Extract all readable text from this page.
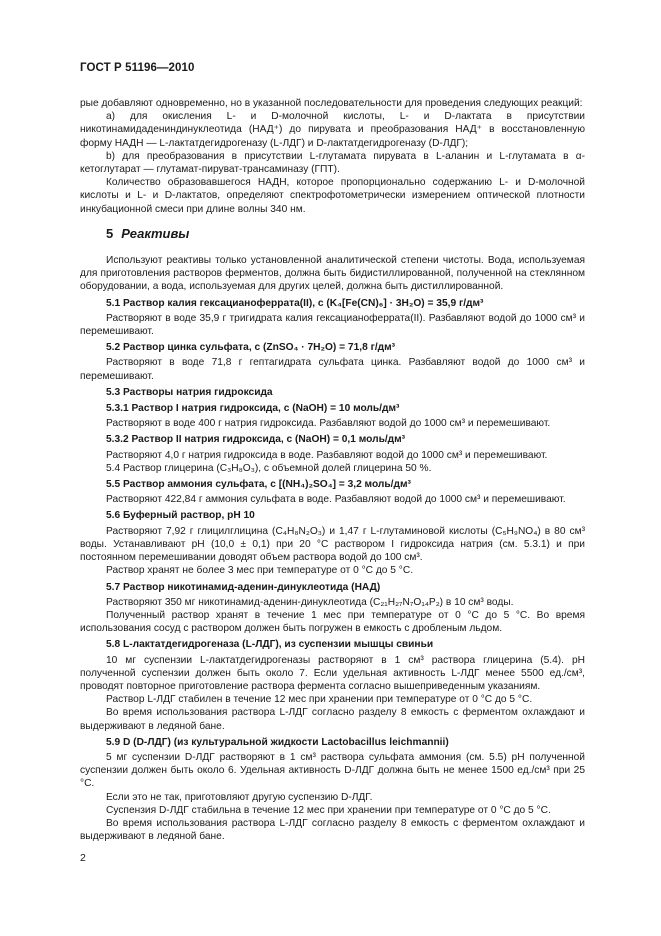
ГОСТ Р 51196—2010

рые добавляют одновременно, но в указанной последовательности для проведения следующих реакций:

a) для окисления L- и D-молочной кислоты, L- и D-лактата в присутствии никотинамидадениндинуклеотида (НАД⁺) до пирувата и преобразования НАД⁺ в восстановленную форму НАДН — L-лактатдегидрогеназу (L-ЛДГ) и D-лактатдегидрогеназу (D-ЛДГ);

b) для преобразования в присутствии L-глутамата пирувата в L-аланин и L-глутамата в α-кетоглутарат — глутамат-пируват-трансаминазу (ГПТ).

Количество образовавшегося НАДН, которое пропорционально содержанию L- и D-молочной кислоты и L- и D-лактатов, определяют спектрофотометрически измерением оптической плотности инкубационной смеси при длине волны 340 нм.

5 Реактивы

Используют реактивы только установленной аналитической степени чистоты. Вода, используемая для приготовления растворов ферментов, должна быть бидистиллированной, полученной на стеклянном оборудовании, а вода, используемая для других целей, должна быть дистиллированной.

5.1 Раствор калия гексацианоферрата(II), c (K₄[Fe(CN)₆] · 3H₂O) = 35,9 г/дм³

Растворяют в воде 35,9 г тригидрата калия гексацианоферрата(II). Разбавляют водой до 1000 см³ и перемешивают.

5.2 Раствор цинка сульфата, c (ZnSO₄ · 7H₂O) = 71,8 г/дм³

Растворяют в воде 71,8 г гептагидрата сульфата цинка. Разбавляют водой до 1000 см³ и перемешивают.

5.3 Растворы натрия гидроксида
5.3.1 Раствор I натрия гидроксида, c (NaOH) = 10 моль/дм³

Растворяют в воде 400 г натрия гидроксида. Разбавляют водой до 1000 см³ и перемешивают.

5.3.2 Раствор II натрия гидроксида, c (NaOH) = 0,1 моль/дм³

Растворяют 4,0 г натрия гидроксида в воде. Разбавляют водой до 1000 см³ и перемешивают.

5.4 Раствор глицерина (C₃H₈O₃), с объемной долей глицерина 50 %.

5.5 Раствор аммония сульфата, c [(NH₄)₂SO₄] = 3,2 моль/дм³

Растворяют 422,84 г аммония сульфата в воде. Разбавляют водой до 1000 см³ и перемешивают.

5.6 Буферный раствор, pH 10

Растворяют 7,92 г глицилглицина (C₄H₈N₂O₃) и 1,47 г L-глутаминовой кислоты (C₅H₉NO₄) в 80 см³ воды. Устанавливают pH (10,0 ± 0,1) при 20 °C раствором I гидроксида натрия (см. 5.3.1) и при постоянном перемешивании доводят объем раствора водой до 100 см³.

Раствор хранят не более 3 мес при температуре от 0 °C до 5 °C.

5.7 Раствор никотинамид-аденин-динуклеотида (НАД)

Растворяют 350 мг никотинамид-аденин-динуклеотида (C₂₁H₂₇N₇O₁₄P₂) в 10 см³ воды.

Полученный раствор хранят в течение 1 мес при температуре от 0 °C до 5 °C. Во время использования сосуд с раствором должен быть погружен в емкость с дробленым льдом.

5.8 L-лактатдегидрогеназа (L-ЛДГ), из суспензии мышцы свиньи

10 мг суспензии L-лактатдегидрогеназы растворяют в 1 см³ раствора глицерина (5.4). pH полученной суспензии должен быть около 7. Если удельная активность L-ЛДГ менее 5500 ед./см³, проводят повторное приготовление раствора фермента согласно вышеприведенным указаниям.

Раствор L-ЛДГ стабилен в течение 12 мес при хранении при температуре от 0 °C до 5 °C.

Во время использования раствора L-ЛДГ согласно разделу 8 емкость с ферментом охлаждают и выдерживают в ледяной бане.

5.9 D (D-ЛДГ) (из культуральной жидкости Lactobacillus leichmannii)

5 мг суспензии D-ЛДГ растворяют в 1 см³ раствора сульфата аммония (см. 5.5) pH полученной суспензии должен быть около 6. Удельная активность D-ЛДГ должна быть не менее 1500 ед./см³ при 25 °C.

Если это не так, приготовляют другую суспензию D-ЛДГ.

Суспензия D-ЛДГ стабильна в течение 12 мес при хранении при температуре от 0 °C до 5 °C.

Во время использования раствора L-ЛДГ согласно разделу 8 емкость с ферментом охлаждают и выдерживают в ледяной бане.

2
